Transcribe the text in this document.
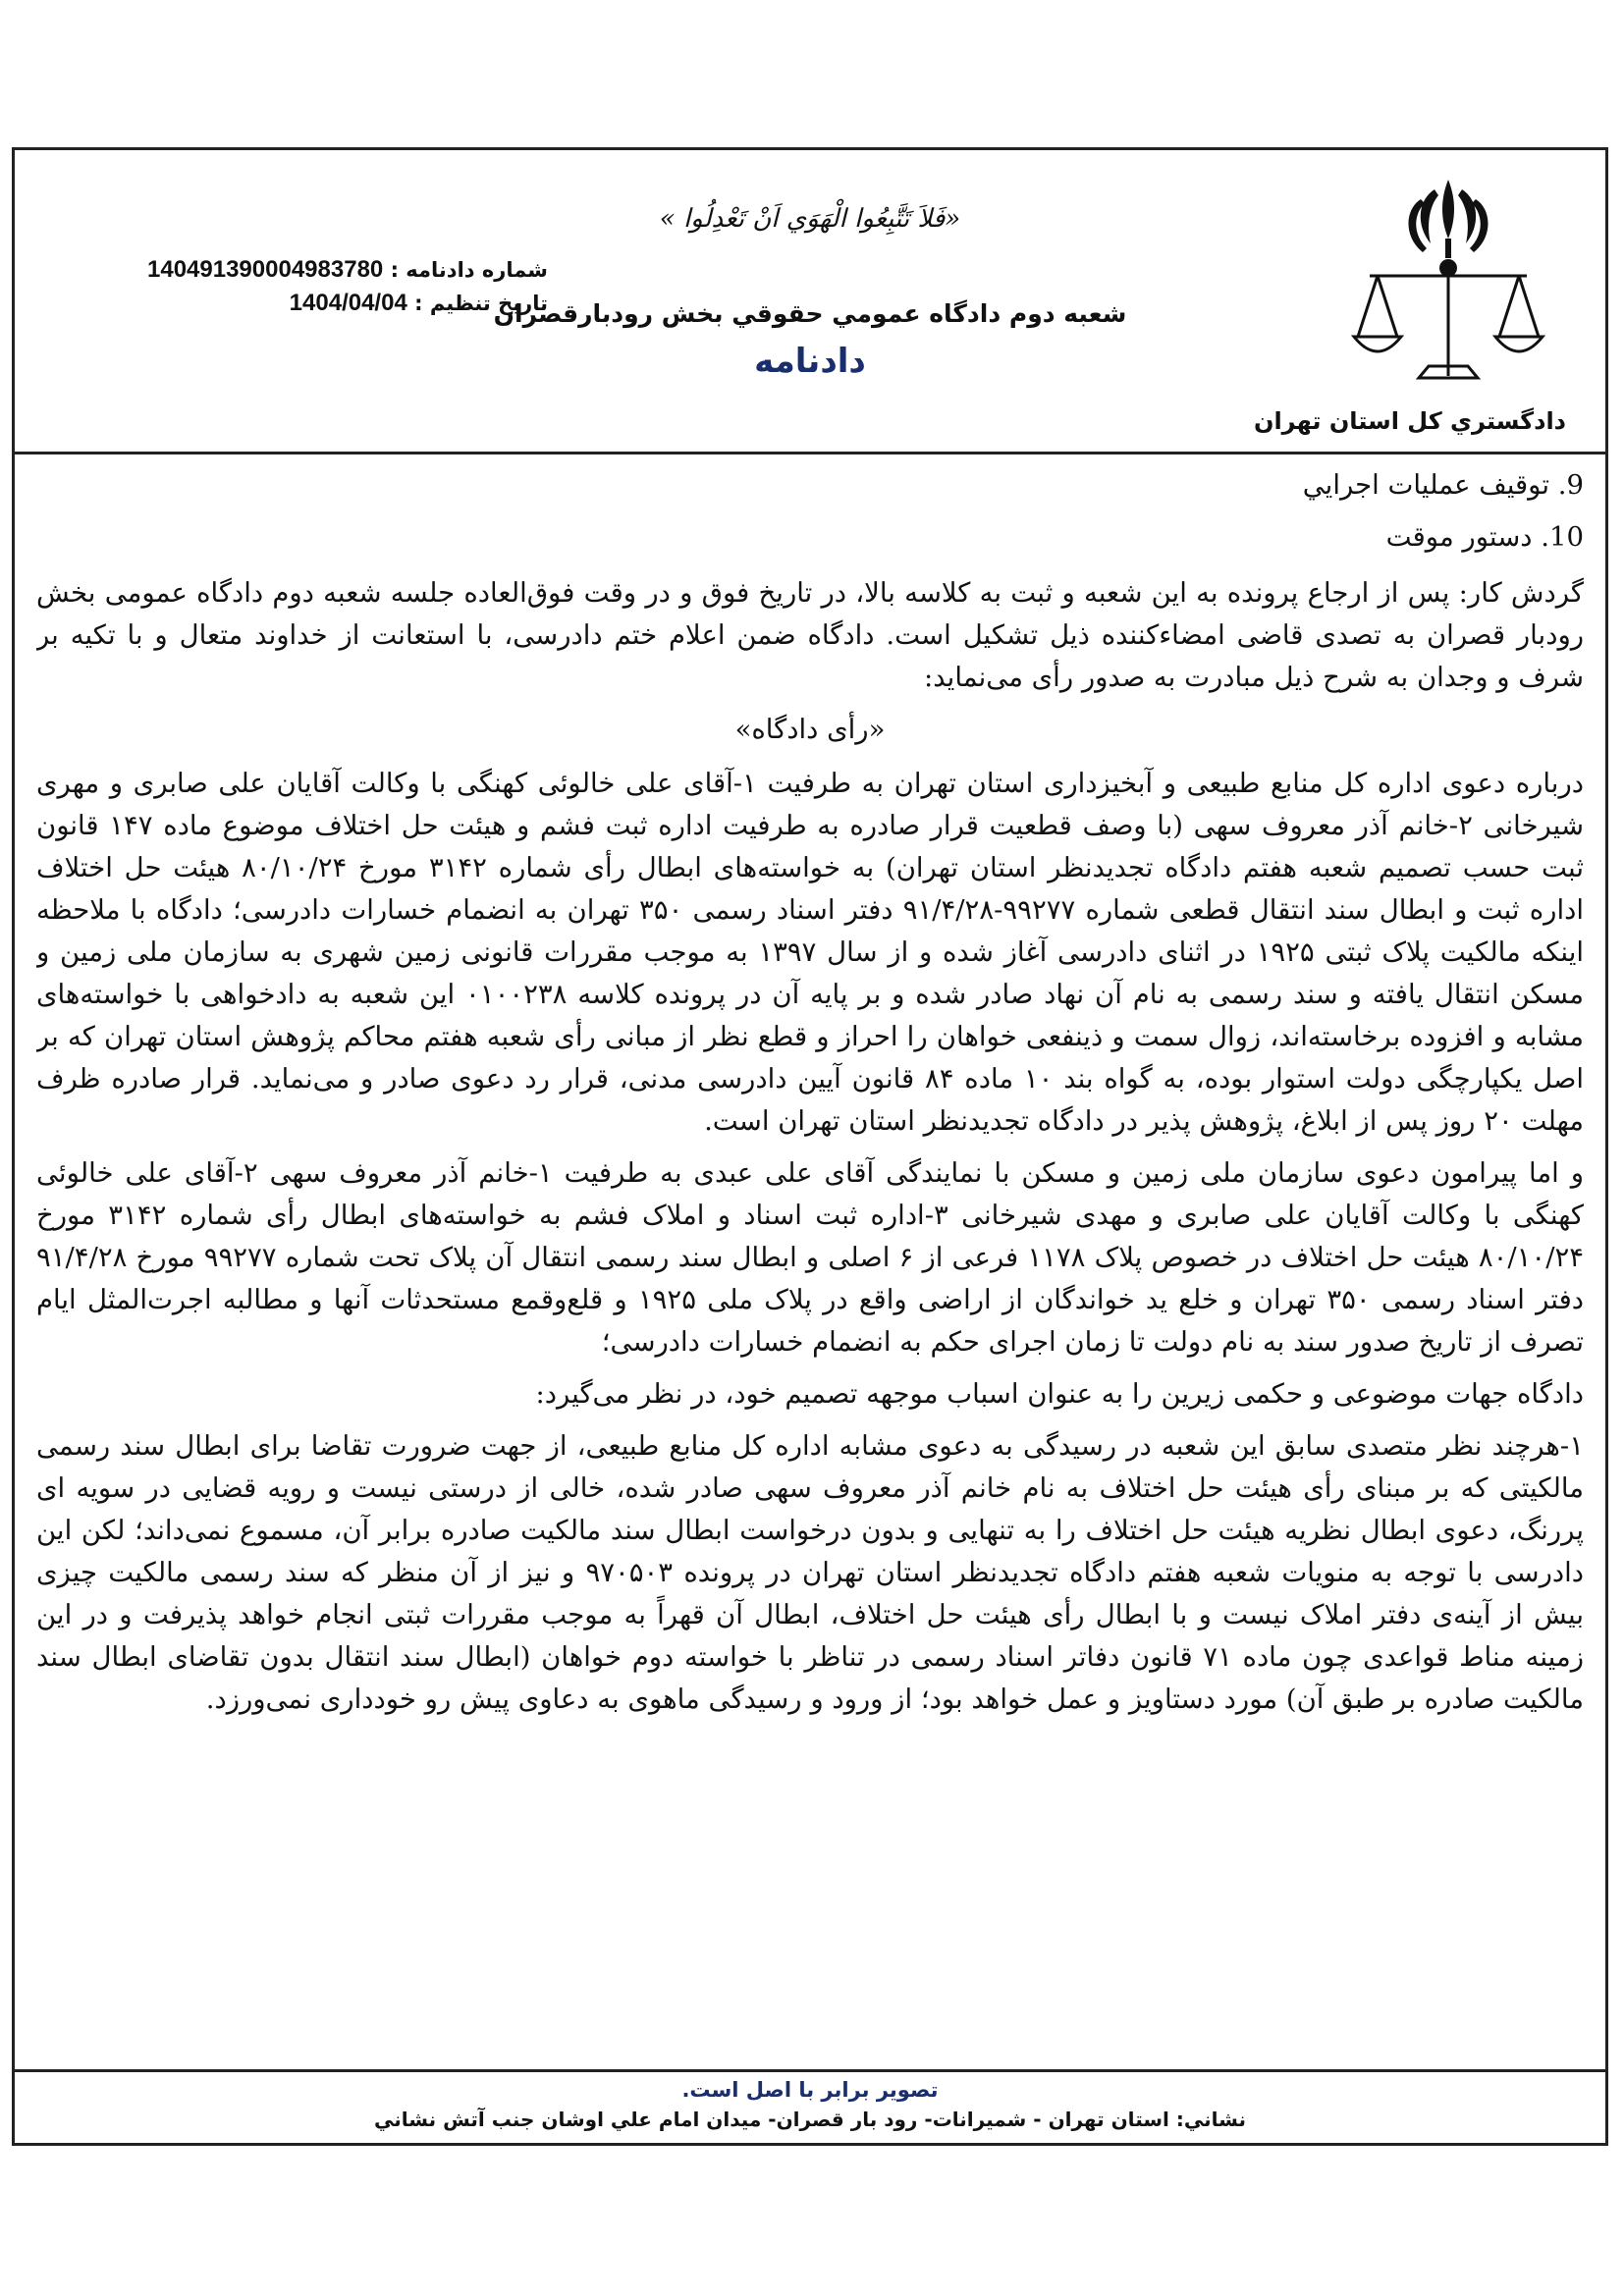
دادگستري كل استان تهران
«فَلاَ تَتَّبِعُوا الْهَوَي اَنْ تَعْدِلُوا »
شماره دادنامه : 140491390004983780
تاریخ تنظیم : 1404/04/04	شعبه دوم دادگاه عمومي حقوقي بخش رودبارقصران
دادنامه

9. توقیف عملیات اجرایي

10. دستور موقت

گردش کار: پس از ارجاع پرونده به این شعبه و ثبت به کلاسه بالا، در تاریخ فوق و در وقت فوق‌العاده جلسه شعبه دوم دادگاه عمومی بخش رودبار قصران به تصدی قاضی امضاءکننده ذیل تشکیل است. دادگاه ضمن اعلام ختم دادرسی، با استعانت از خداوند متعال و با تکیه بر شرف و وجدان به شرح ذیل مبادرت به صدور رأی می‌نماید:

«رأی دادگاه»

درباره دعوی اداره کل منابع طبیعی و آبخیزداری استان تهران به طرفیت ۱-آقای علی خالوئی کهنگی با وکالت آقایان علی صابری و مهری شیرخانی ۲-خانم آذر معروف سهی (با وصف قطعیت قرار صادره به طرفیت اداره ثبت فشم و هیئت حل اختلاف موضوع ماده ۱۴۷ قانون ثبت حسب تصمیم شعبه هفتم دادگاه تجدیدنظر استان تهران) به خواسته‌های ابطال رأی شماره ۳۱۴۲ مورخ ۸۰/۱۰/۲۴ هیئت حل اختلاف اداره ثبت و ابطال سند انتقال قطعی شماره ۹۹۲۷۷-۹۱/۴/۲۸ دفتر اسناد رسمی ۳۵۰ تهران به انضمام خسارات دادرسی؛ دادگاه با ملاحظه اینکه مالکیت پلاک ثبتی ۱۹۲۵ در اثنای دادرسی آغاز شده و از سال ۱۳۹۷ به موجب مقررات قانونی زمین شهری به سازمان ملی زمین و مسکن انتقال یافته و سند رسمی به نام آن نهاد صادر شده و بر پایه آن در پرونده کلاسه ۰۱۰۰۲۳۸ این شعبه به دادخواهی با خواسته‌های مشابه و افزوده برخاسته‌اند، زوال سمت و ذینفعی خواهان را احراز و قطع نظر از مبانی رأی شعبه هفتم محاکم پژوهش استان تهران که بر اصل یکپارچگی دولت استوار بوده، به گواه بند ۱۰ ماده ۸۴ قانون آیین دادرسی مدنی، قرار رد دعوی صادر و می‌نماید. قرار صادره ظرف مهلت ۲۰ روز پس از ابلاغ، پژوهش پذیر در دادگاه تجدیدنظر استان تهران است.

و اما پیرامون دعوی سازمان ملی زمین و مسکن با نمایندگی آقای علی عبدی به طرفیت ۱-خانم آذر معروف سهی ۲-آقای علی خالوئی کهنگی با وکالت آقایان علی صابری و مهدی شیرخانی ۳-اداره ثبت اسناد و املاک فشم به خواسته‌های ابطال رأی شماره ۳۱۴۲ مورخ ۸۰/۱۰/۲۴ هیئت حل اختلاف در خصوص پلاک ۱۱۷۸ فرعی از ۶ اصلی و ابطال سند رسمی انتقال آن پلاک تحت شماره ۹۹۲۷۷ مورخ ۹۱/۴/۲۸ دفتر اسناد رسمی ۳۵۰ تهران و خلع ید خواندگان از اراضی واقع در پلاک ملی ۱۹۲۵ و قلع‌وقمع مستحدثات آنها و مطالبه اجرت‌المثل ایام تصرف از تاریخ صدور سند به نام دولت تا زمان اجرای حکم به انضمام خسارات دادرسی؛

دادگاه جهات موضوعی و حکمی زیرین را به عنوان اسباب موجهه تصمیم خود، در نظر می‌گیرد:

۱-هرچند نظر متصدی سابق این شعبه در رسیدگی به دعوی مشابه اداره کل منابع طبیعی، از جهت ضرورت تقاضا برای ابطال سند رسمی مالکیتی که بر مبنای رأی هیئت حل اختلاف به نام خانم آذر معروف سهی صادر شده، خالی از درستی نیست و رویه قضایی در سویه ای پررنگ، دعوی ابطال نظریه هیئت حل اختلاف را به تنهایی و بدون درخواست ابطال سند مالکیت صادره برابر آن، مسموع نمی‌داند؛ لکن این دادرسی با توجه به منویات شعبه هفتم دادگاه تجدیدنظر استان تهران در پرونده ۹۷۰۵۰۳ و نیز از آن منظر که سند رسمی مالکیت چیزی بیش از آینه‌ی دفتر املاک نیست و با ابطال رأی هیئت حل اختلاف، ابطال آن قهراً به موجب مقررات ثبتی انجام خواهد پذیرفت و در این زمینه مناط قواعدی چون ماده ۷۱ قانون دفاتر اسناد رسمی در تناظر با خواسته دوم خواهان (ابطال سند انتقال بدون تقاضای ابطال سند مالکیت صادره بر طبق آن) مورد دستاویز و عمل خواهد بود؛ از ورود و رسیدگی ماهوی به دعاوی پیش رو خودداری نمی‌ورزد.

تصوير برابر با اصل است.
نشاني: استان تهران - شميرانات- رود بار قصران- ميدان امام علي اوشان جنب آتش نشاني
